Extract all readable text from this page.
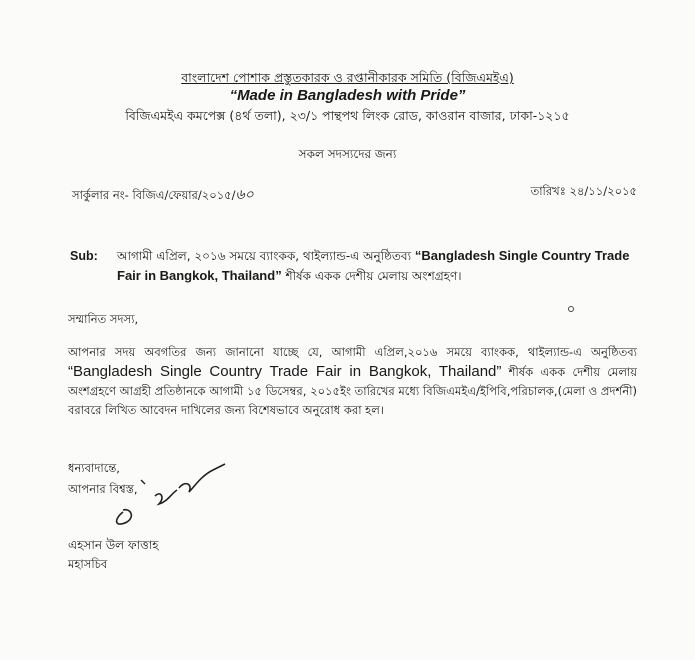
বাংলাদেশ পোশাক প্রস্তুতকারক ও রপ্তানীকারক সমিতি (বিজিএমইএ)
“Made in Bangladesh with Pride”
বিজিএমইএ কমপেক্স (৪র্থ তলা), ২৩/১ পান্থপথ লিংক রোড, কাওরান বাজার, ঢাকা-১২১৫
সকল সদস্যদের জন্য
সার্কুলার নং- বিজিএ/ফেয়ার/২০১৫/৬০	তারিখঃ ২৪/১১/২০১৫
Sub: আগামী এপ্রিল, ২০১৬ সময়ে ব্যাংকক, থাইল্যান্ড-এ অনুষ্ঠিতব্য “Bangladesh Single Country Trade
Fair in Bangkok, Thailand” শীর্ষক একক দেশীয় মেলায় অংশগ্রহণ।
সম্মানিত সদস্য,
আপনার সদয় অবগতির জন্য জানানো যাচ্ছে যে, আগামী এপ্রিল,২০১৬ সময়ে ব্যাংকক, থাইল্যান্ড-এ অনুষ্ঠিতব্য “Bangladesh Single Country Trade Fair in Bangkok, Thailand” শীর্ষক একক দেশীয় মেলায় অংশগ্রহণে আগ্রহী প্রতিষ্ঠানকে আগামী ১৫ ডিসেম্বর, ২০১৫ইং তারিখের মধ্যে বিজিএমইএ/ইপিবি,পরিচালক,(মেলা ও প্রদর্শনী) বরাবরে লিখিত আবেদন দাখিলের জন্য বিশেষভাবে অনুরোধ করা হল।
ধন্যবাদান্তে,
আপনার বিশ্বস্ত,
এহসান উল ফাত্তাহ
মহাসচিব
